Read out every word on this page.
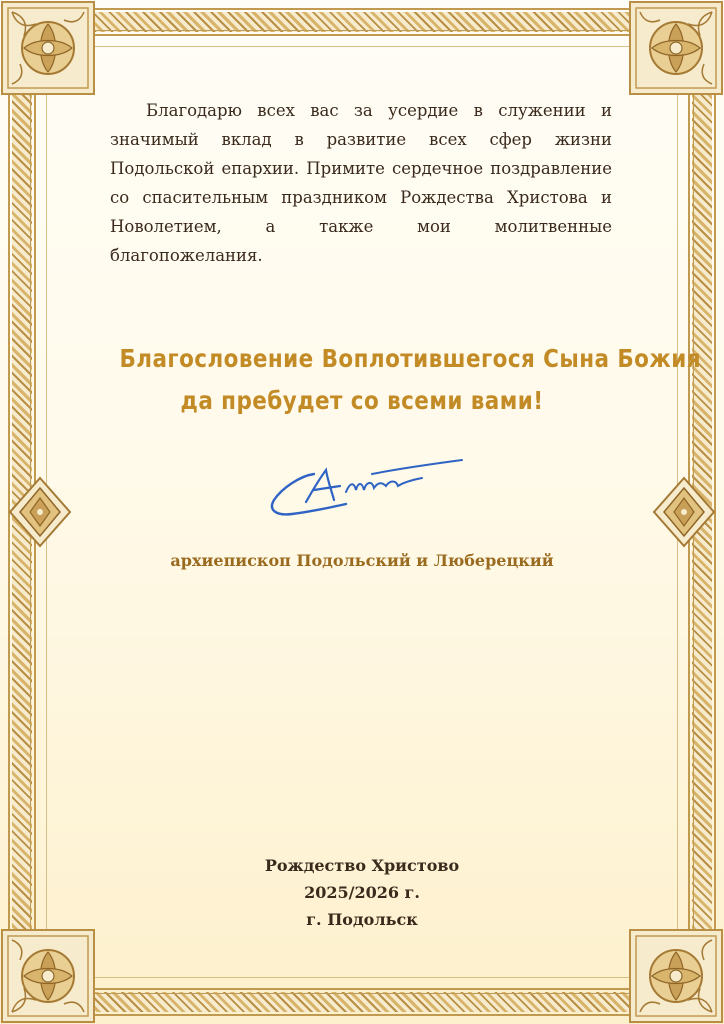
Благодарю всех вас за усердие в служении и значимый вклад в развитие всех сфер жизни Подольской епархии. Примите сердечное поздравление со спасительным праздником Рождества Христова и Новолетием, а также мои молитвенные благопожелания.

Благословение Воплотившегося Сына Божия
да пребудет со всеми вами!
архиепископ Подольский и Люберецкий
Рождество Христово
2025/2026 г.
г. Подольск
